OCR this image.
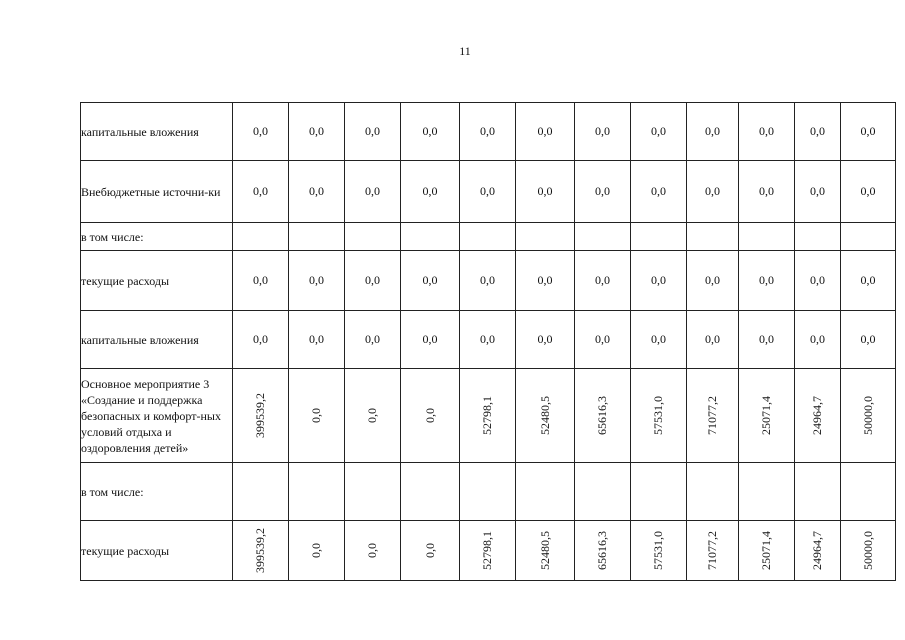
11
капитальные вложения	0,0	0,0	0,0	0,0	0,0	0,0	0,0	0,0	0,0	0,0	0,0	0,0
Внебюджетные источни-ки	0,0	0,0	0,0	0,0	0,0	0,0	0,0	0,0	0,0	0,0	0,0	0,0
в том числе:												
текущие расходы	0,0	0,0	0,0	0,0	0,0	0,0	0,0	0,0	0,0	0,0	0,0	0,0
капитальные вложения	0,0	0,0	0,0	0,0	0,0	0,0	0,0	0,0	0,0	0,0	0,0	0,0
Основное мероприятие 3 «Создание и поддержка безопасных и комфорт-ных условий отдыха и оздоровления детей»	399539,2	0,0	0,0	0,0	52798,1	52480,5	65616,3	57531,0	71077,2	25071,4	24964,7	50000,0
в том числе:												
текущие расходы	399539,2	0,0	0,0	0,0	52798,1	52480,5	65616,3	57531,0	71077,2	25071,4	24964,7	50000,0
